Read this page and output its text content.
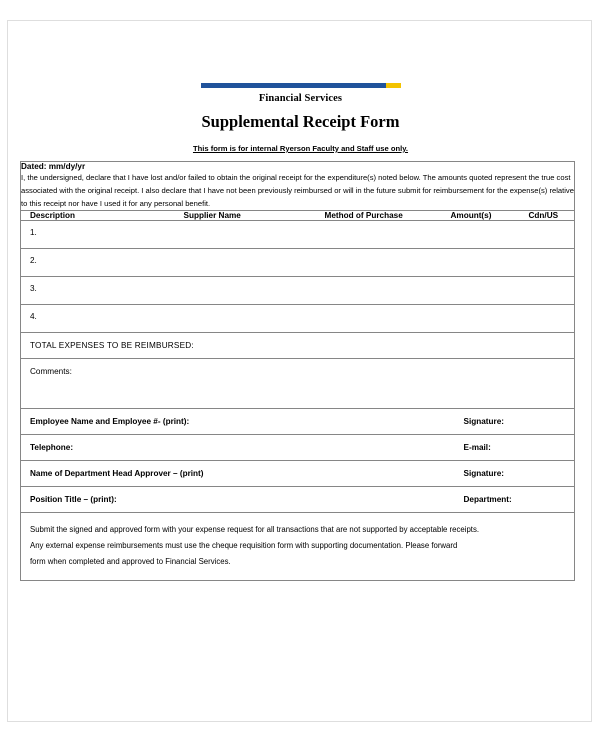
Financial Services
Supplemental Receipt Form
This form is for internal Ryerson Faculty and Staff use only.
Dated: mm/dy/yr				
I, the undersigned, declare that I have lost and/or failed to obtain the original receipt for the expenditure(s) noted below. The amounts quoted represent the true cost associated with the original receipt. I also declare that I have not been previously reimbursed or will in the future submit for reimbursement for the expense(s) relative to this receipt nor have I used it for any personal benefit.				
Description	Supplier Name	Method of Purchase	Amount(s)	Cdn/US
1.				
2.				
3.				
4.				
TOTAL EXPENSES TO BE REIMBURSED:				
Comments:				
Employee Name and Employee #- (print):			Signature:	
Telephone:			E-mail:	
Name of Department Head Approver – (print)			Signature:	
Position Title – (print):			Department:	

Submit the signed and approved form with your expense request for all transactions that are not supported by acceptable receipts.

Any external expense reimbursements must use the cheque requisition form with supporting documentation. Please forward

form when completed and approved to Financial Services.				
